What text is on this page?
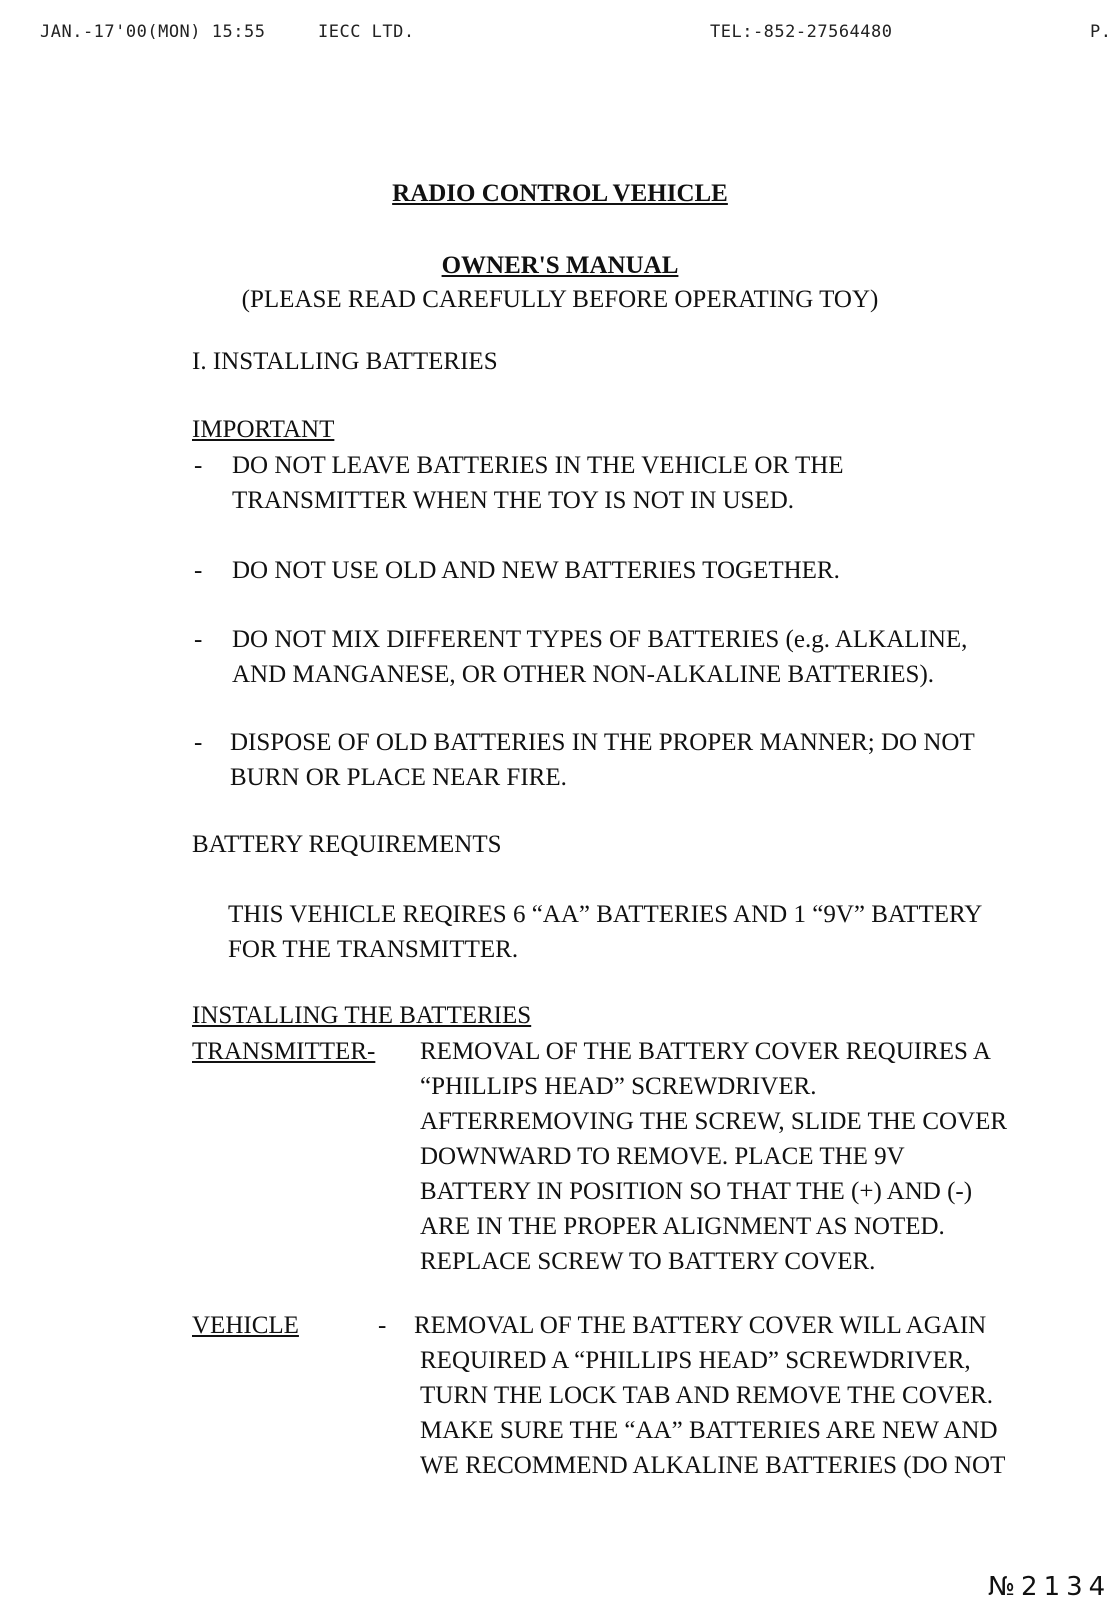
JAN.-17'00(MON) 15:55	IECC LTD.	TEL:-852-27564480	P.
RADIO CONTROL VEHICLE
OWNER'S MANUAL
(PLEASE READ CAREFULLY BEFORE OPERATING TOY)
I. INSTALLING BATTERIES
IMPORTANT
- DO NOT LEAVE BATTERIES IN THE VEHICLE OR THE
TRANSMITTER WHEN THE TOY IS NOT IN USED.
- DO NOT USE OLD AND NEW BATTERIES TOGETHER.
- DO NOT MIX DIFFERENT TYPES OF BATTERIES (e.g. ALKALINE,
AND MANGANESE, OR OTHER NON-ALKALINE BATTERIES).
- DISPOSE OF OLD BATTERIES IN THE PROPER MANNER; DO NOT
BURN OR PLACE NEAR FIRE.
BATTERY REQUIREMENTS
THIS VEHICLE REQIRES 6 “AA” BATTERIES AND 1 “9V” BATTERY
FOR THE TRANSMITTER.
INSTALLING THE BATTERIES
TRANSMITTER- REMOVAL OF THE BATTERY COVER REQUIRES A
“PHILLIPS HEAD” SCREWDRIVER.
AFTERREMOVING THE SCREW, SLIDE THE COVER
DOWNWARD TO REMOVE. PLACE THE 9V
BATTERY IN POSITION SO THAT THE (+) AND (-)
ARE IN THE PROPER ALIGNMENT AS NOTED.
REPLACE SCREW TO BATTERY COVER.
VEHICLE	- REMOVAL OF THE BATTERY COVER WILL AGAIN
REQUIRED A “PHILLIPS HEAD” SCREWDRIVER,
TURN THE LOCK TAB AND REMOVE THE COVER.
MAKE SURE THE “AA” BATTERIES ARE NEW AND
WE RECOMMEND ALKALINE BATTERIES (DO NOT
№2134
